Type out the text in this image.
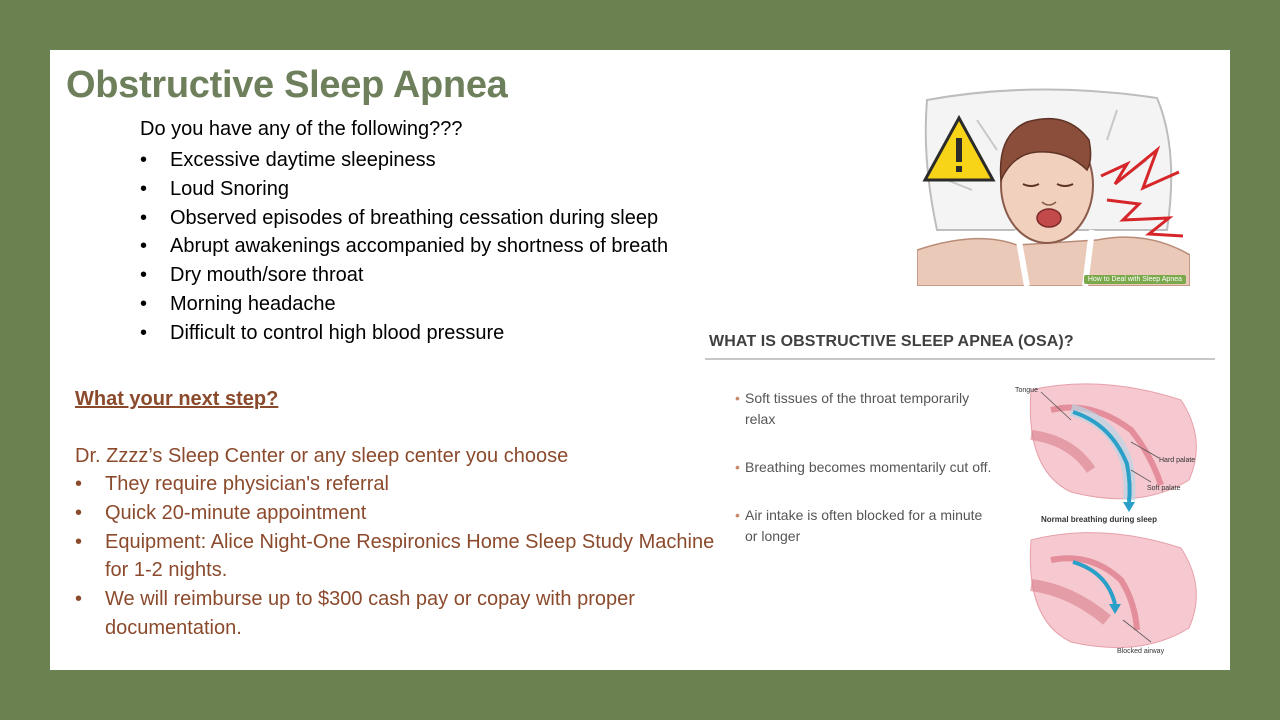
Obstructive Sleep Apnea

Do you have any of the following???

• Excessive daytime sleepiness
• Loud Snoring
• Observed episodes of breathing cessation during sleep
• Abrupt awakenings accompanied by shortness of breath
• Dry mouth/sore throat
• Morning headache
• Difficult to control high blood pressure

What your next step?

Dr. Zzzz’s Sleep Center or any sleep center you choose

• They require physician's referral
• Quick 20-minute appointment
• Equipment: Alice Night-One Respironics Home Sleep Study Machine for 1-2 nights.
• We will reimburse up to $300 cash pay or copay with proper documentation.
How to Deal with Sleep Apnea
WHAT IS OBSTRUCTIVE SLEEP APNEA (OSA)?
• Soft tissues of the throat temporarily relax
• Breathing becomes momentarily cut off.
• Air intake is often blocked for a minute or longer
Tongue
Hard palate
Soft palate
Normal breathing during sleep
Blocked airway
